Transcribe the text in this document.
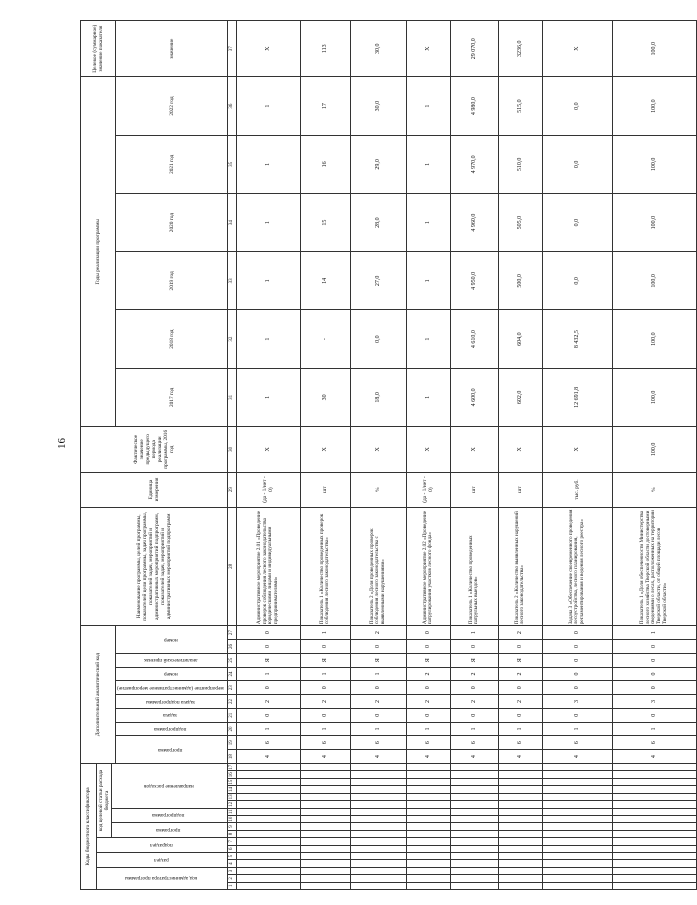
16
Коды бюджетного классификатора																	Дополнительный аналитический код										Наименование программы, целей программы, показателей цели программы, задач программы, показателей задач, мероприятий и административных мероприятий подпрограмм, показателей задач, мероприятий и административных мероприятий подпрограмм	Единица измерения	Фактическое значение предыдущего периода реализации программы, 2016 год	Годы реализации программы						Целевое (суммарное) значение показателя
код администратора программы			раздел		подраздел		код целевой статьи расхода бюджета																													
							программа		подпрограмма		направление расходов																									
																	программа		подпрограмма	задача	задача подпрограммы	мероприятие (административное мероприятие)	номер	аналитический признак	номер					2017 год	2018 год	2019 год	2020 год	2021 год	2022 год	значение
1	2	3	4	5	6	7	8	9	10	11	12	13	14	15	16	17	18	19	20	21	22	23	24	25	26	27	28	29	30	31	32	33	34	35	36	37
																	4	6	1	0	2	0	1	Я	0	0	Административное мероприятие 2.01 «Проведение проверок соблюдения лесного законодательства юридическими лицами и индивидуальными предпринимателями»	(да - 1/нет - 0)	X	1	1	1	1	1	1	X
																	4	6	1	0	2	0	1	Я	0	1	Показатель 1 «Количество проведенных проверок соблюдения лесного законодательства»	шт	X	30	-	14	15	16	17	113
																	4	6	1	0	2	0	1	Я	0	2	Показатель 2 «Доля проведенных проверок соблюдения лесного законодательства с выявленными нарушениями»	%	X	18,0	0,0	27,0	28,0	29,0	30,0	30,0
																	4	6	1	0	2	0	2	Я	0	0	Административное мероприятие 2.02 «Проведение патрулирования участков лесного фонда»	(да - 1/нет - 0)	X	1	1	1	1	1	1	X
																	4	6	1	0	2	0	2	Я	0	1	Показатель 1 «Количество проведенных патрульных выездов»	шт	X	4 600,0	4 610,0	4 950,0	4 960,0	4 970,0	4 980,0	29 070,0
																	4	6	1	0	2	0	2	Я	0	2	Показатель 2 «Количество выявленных нарушений лесного законодательства»	шт	X	602,0	604,0	500,0	505,0	510,0	515,0	3236,0
																	4	6	1	0	3	0	0	0	0	0	Задача 3 «Обеспечение своевременного проведения лесоустройства, лесного планирования, регламентирования и ведения лесного реестра»	тыс. руб.	X	12 691,8	8 432,5	0,0	0,0	0,0	0,0	X
																	4	6	1	0	3	0	0	0	0	1	Показатель 1 «Доля обеспеченности Министерства лесного хозяйства Тверской области достоверными сведениями о лесах, расположенных на территории Тверской области, от общей площади лесов Тверской области»	%	100,0	100,0	100,0	100,0	100,0	100,0	100,0	100,0
